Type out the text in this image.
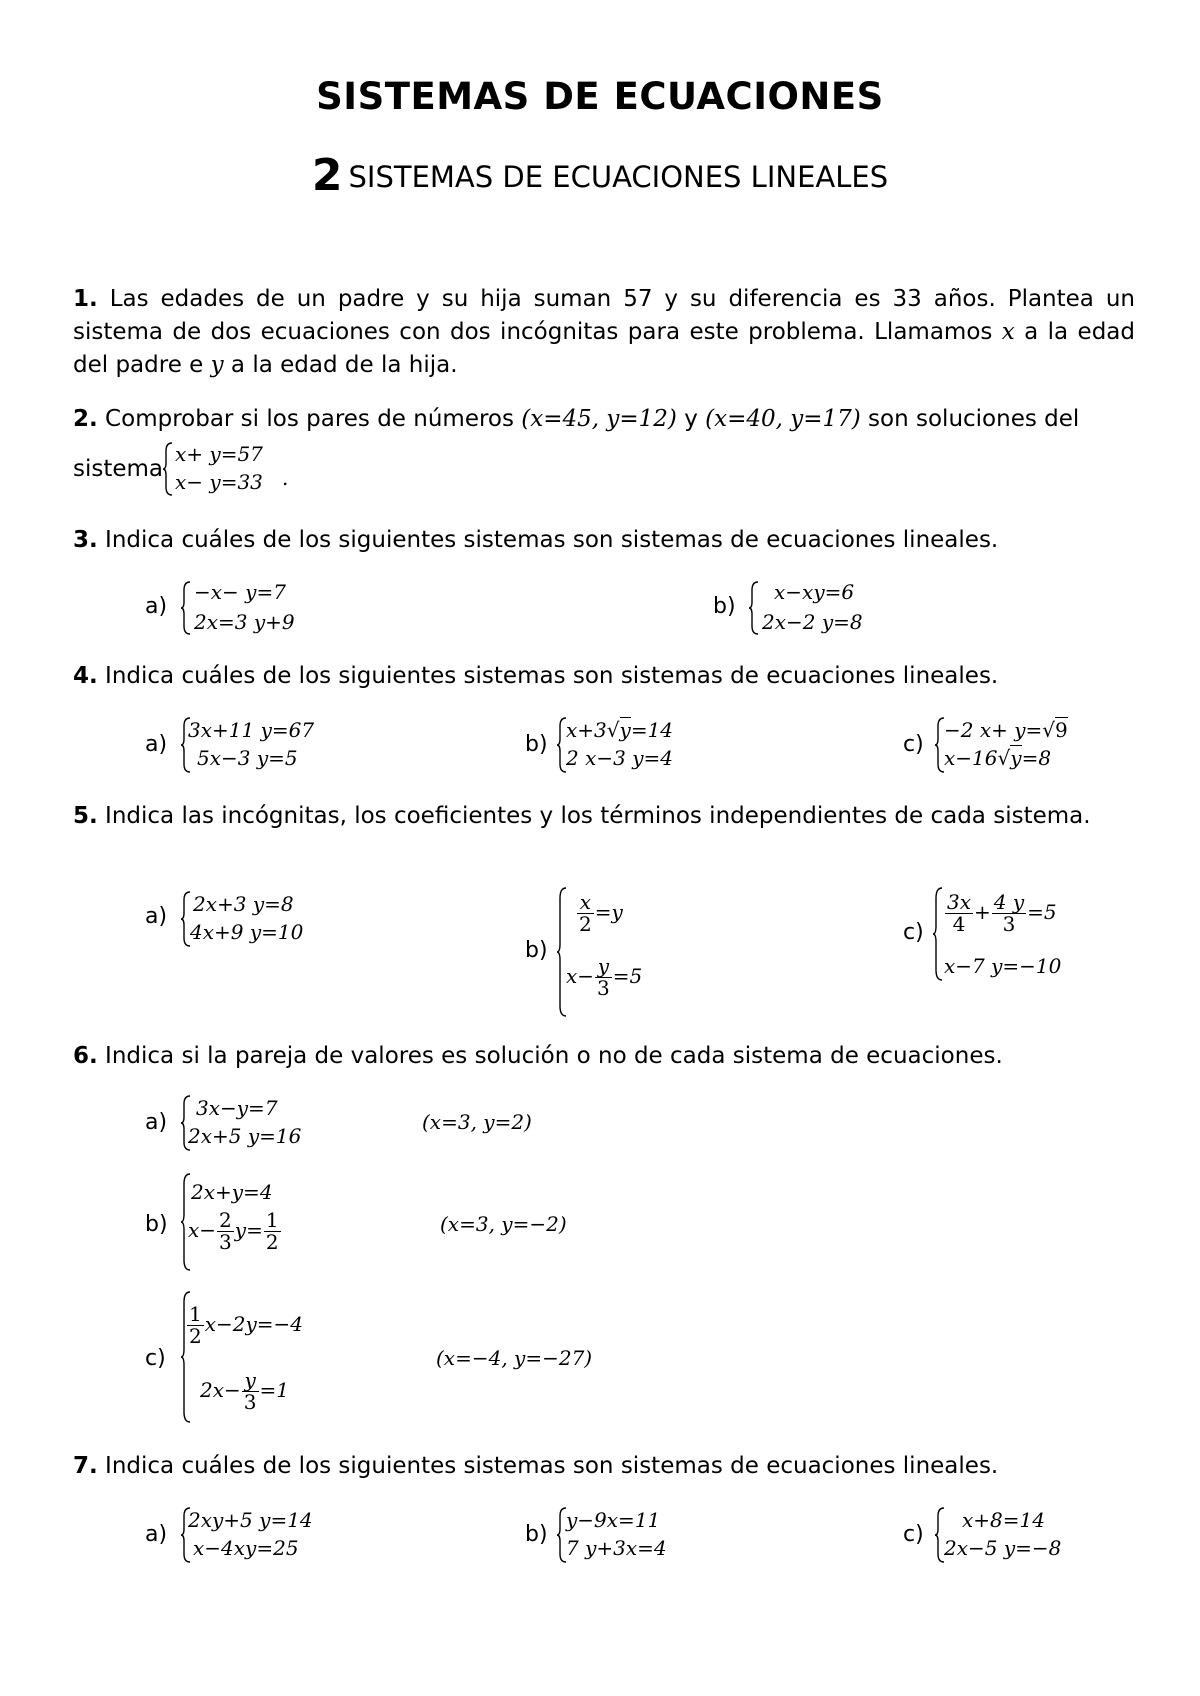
SISTEMAS DE ECUACIONES
2 SISTEMAS DE ECUACIONES LINEALES
1. Las edades de un padre y su hija suman 57 y su diferencia es 33 años. Plantea un sistema de dos ecuaciones con dos incógnitas para este problema. Llamamos x a la edad del padre e y a la edad de la hija.
2. Comprobar si los pares de números (x=45, y=12) y (x=40, y=17) son soluciones del
sistema
x+ y=57
x− y=33 .
3. Indica cuáles de los siguientes sistemas son sistemas de ecuaciones lineales.
a)
−x− y=7
2x=3 y+9
b)
x−xy=6
2x−2 y=8
4. Indica cuáles de los siguientes sistemas son sistemas de ecuaciones lineales.
a)
3x+11 y=67
5x−3 y=5
b)
x+3√y=14
2 x−3 y=4
c)
−2 x+ y=√9
x−16√y=8
5. Indica las incógnitas, los coeficientes y los términos independientes de cada sistema.
a) 2x+3 y=8
4x+9 y=10
b)
$\frac{x}{2} =y$
$x- \frac{y}{3} =5$
$c) \frac{3x}{4} + \frac{4 y}{3} =5$
x−7 y=−10
6. Indica si la pareja de valores es solución o no de cada sistema de ecuaciones.
a)
3x−y=7
2x+5 y=16
(x=3, y=2)
b)
2x+y=4
$x- \frac{2}{3} y= \frac{1}{2}$	(x=3, y=−2)
c)
$\frac{1}{2} x-2y=-4$
$2x- \frac{y}{3} =1$
(x=−4, y=−27)
7. Indica cuáles de los siguientes sistemas son sistemas de ecuaciones lineales.
a)
2xy+5 y=14
x−4xy=25
b)
y−9x=11
7 y+3x=4
c)
x+8=14
2x−5 y=−8
